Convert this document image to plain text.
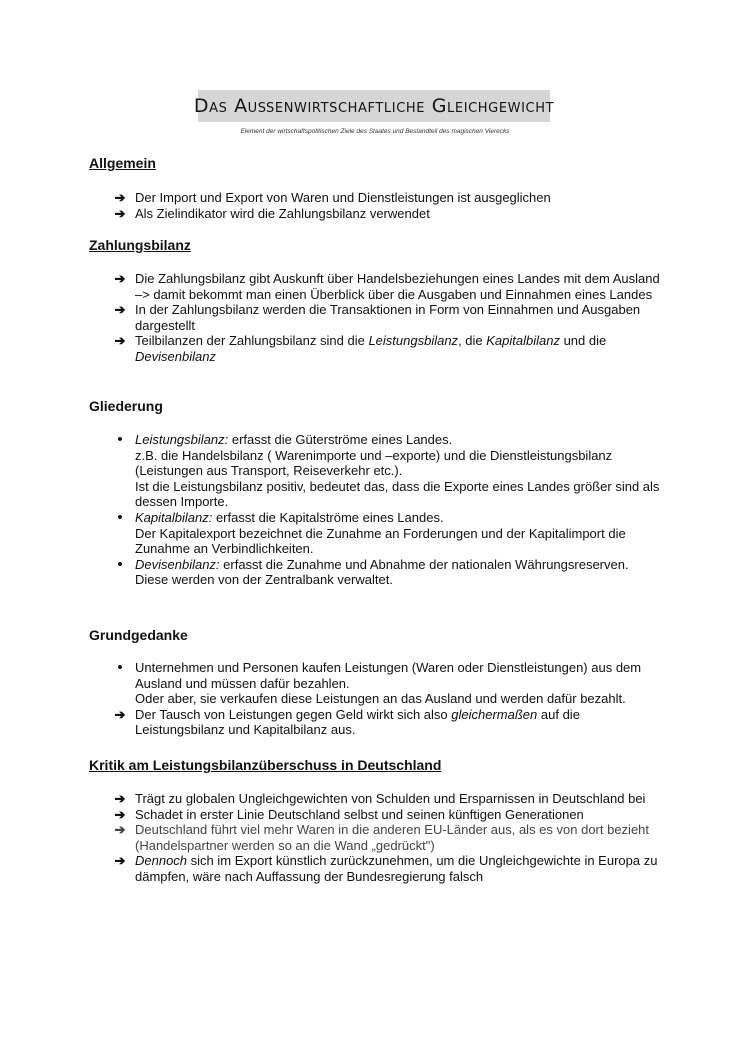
Das Außenwirtschaftliche Gleichgewicht
Element der wirtschaftspolitischen Ziele des Staates und Bestandteil des magischen Vierecks
Allgemein
➔ Der Import und Export von Waren und Dienstleistungen ist ausgeglichen
➔ Als Zielindikator wird die Zahlungsbilanz verwendet
Zahlungsbilanz
➔ Die Zahlungsbilanz gibt Auskunft über Handelsbeziehungen eines Landes mit dem Ausland –> damit bekommt man einen Überblick über die Ausgaben und Einnahmen eines Landes
➔ In der Zahlungsbilanz werden die Transaktionen in Form von Einnahmen und Ausgaben dargestellt
➔ Teilbilanzen der Zahlungsbilanz sind die Leistungsbilanz, die Kapitalbilanz und die Devisenbilanz
Gliederung
• Leistungsbilanz: erfasst die Güterströme eines Landes.
z.B. die Handelsbilanz ( Warenimporte und –exporte) und die Dienstleistungsbilanz (Leistungen aus Transport, Reiseverkehr etc.).
Ist die Leistungsbilanz positiv, bedeutet das, dass die Exporte eines Landes größer sind als dessen Importe.
• Kapitalbilanz: erfasst die Kapitalströme eines Landes.
Der Kapitalexport bezeichnet die Zunahme an Forderungen und der Kapitalimport die Zunahme an Verbindlichkeiten.
• Devisenbilanz: erfasst die Zunahme und Abnahme der nationalen Währungsreserven.
Diese werden von der Zentralbank verwaltet.
Grundgedanke
• Unternehmen und Personen kaufen Leistungen (Waren oder Dienstleistungen) aus dem Ausland und müssen dafür bezahlen.
Oder aber, sie verkaufen diese Leistungen an das Ausland und werden dafür bezahlt.
➔ Der Tausch von Leistungen gegen Geld wirkt sich also gleichermaßen auf die Leistungsbilanz und Kapitalbilanz aus.
Kritik am Leistungsbilanzüberschuss in Deutschland
➔ Trägt zu globalen Ungleichgewichten von Schulden und Ersparnissen in Deutschland bei
➔ Schadet in erster Linie Deutschland selbst und seinen künftigen Generationen
➔ Deutschland führt viel mehr Waren in die anderen EU-Länder aus, als es von dort bezieht (Handelspartner werden so an die Wand „gedrückt")
➔ Dennoch sich im Export künstlich zurückzunehmen, um die Ungleichgewichte in Europa zu dämpfen, wäre nach Auffassung der Bundesregierung falsch
